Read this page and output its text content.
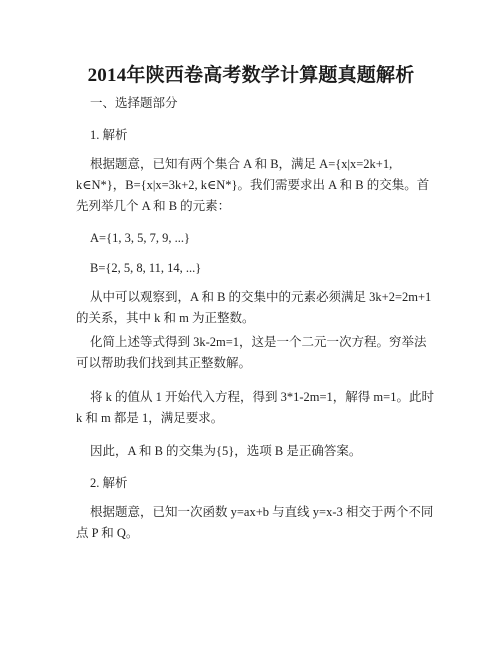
2014年陕西卷高考数学计算题真题解析
一、选择题部分
1. 解析
根据题意，已知有两个集合 A 和 B，满足 A={x|x=2k+1, k∈N*}，B={x|x=3k+2, k∈N*}。我们需要求出 A 和 B 的交集。首先列举几个 A 和 B 的元素：
A={1, 3, 5, 7, 9, ...}
B={2, 5, 8, 11, 14, ...}
从中可以观察到，A 和 B 的交集中的元素必须满足 3k+2=2m+1 的关系，其中 k 和 m 为正整数。
化简上述等式得到 3k-2m=1，这是一个二元一次方程。穷举法可以帮助我们找到其正整数解。
将 k 的值从 1 开始代入方程，得到 3*1-2m=1，解得 m=1。此时 k 和 m 都是 1，满足要求。
因此，A 和 B 的交集为{5}，选项 B 是正确答案。
2. 解析
根据题意，已知一次函数 y=ax+b 与直线 y=x-3 相交于两个不同点 P 和 Q。
